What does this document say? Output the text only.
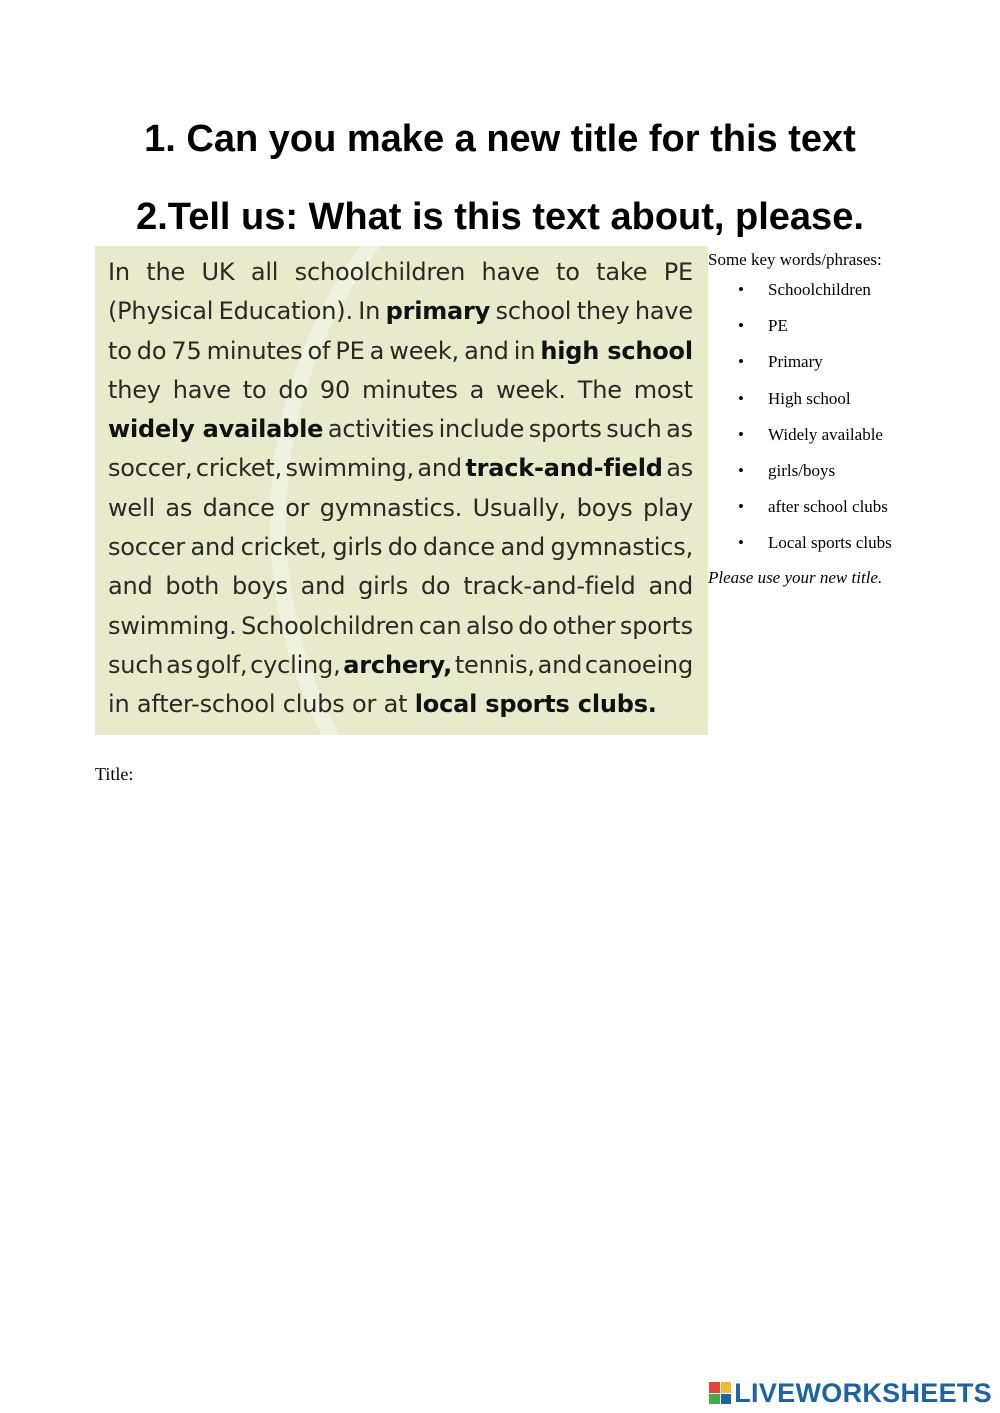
1. Can you make a new title for this text
2.Tell us: What is this text about, please.
In the UK all schoolchildren have to take PE
(Physical Education). In primary school they have
to do 75 minutes of PE a week, and in high school
they have to do 90 minutes a week. The most
widely available activities include sports such as
soccer, cricket, swimming, and track-and-field as
well as dance or gymnastics. Usually, boys play
soccer and cricket, girls do dance and gymnastics,
and both boys and girls do track-and-field and
swimming. Schoolchildren can also do other sports
such as golf, cycling, archery, tennis, and canoeing
in after-school clubs or at local sports clubs.
Some key words/phrases:
• Schoolchildren
• PE
• Primary
• High school
• Widely available
• girls/boys
• after school clubs
• Local sports clubs
Please use your new title.
Title:
LIVEWORKSHEETS
